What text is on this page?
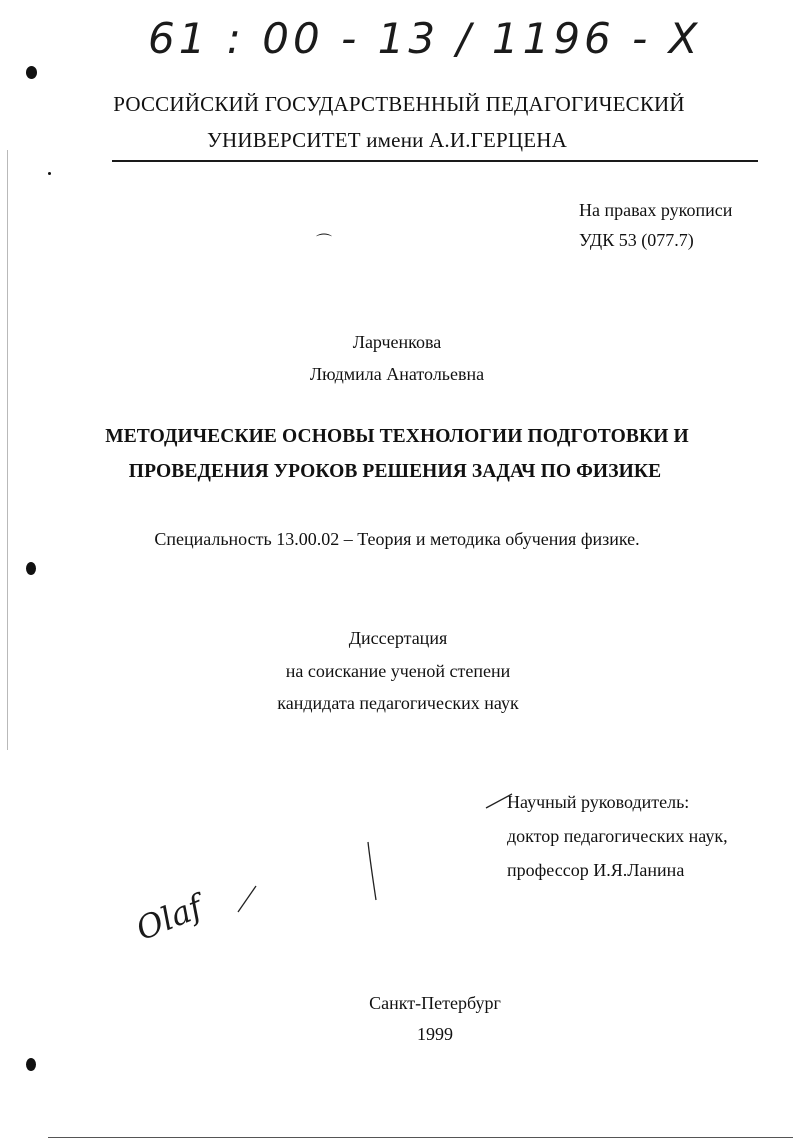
61 : 00 - 13 / 1196 - X
РОССИЙСКИЙ ГОСУДАРСТВЕННЫЙ ПЕДАГОГИЧЕСКИЙ
УНИВЕРСИТЕТ имени А.И.ГЕРЦЕНА
На правах рукописи
УДК 53 (077.7)
⌒
Ларченкова
Людмила Анатольевна
МЕТОДИЧЕСКИЕ ОСНОВЫ ТЕХНОЛОГИИ ПОДГОТОВКИ И
ПРОВЕДЕНИЯ УРОКОВ РЕШЕНИЯ ЗАДАЧ ПО ФИЗИКЕ
Специальность 13.00.02 – Теория и методика обучения физике.
Диссертация
на соискание ученой степени
кандидата педагогических наук
Научный руководитель:
доктор педагогических наук,
профессор И.Я.Ланина
Olaf
Санкт-Петербург
1999
